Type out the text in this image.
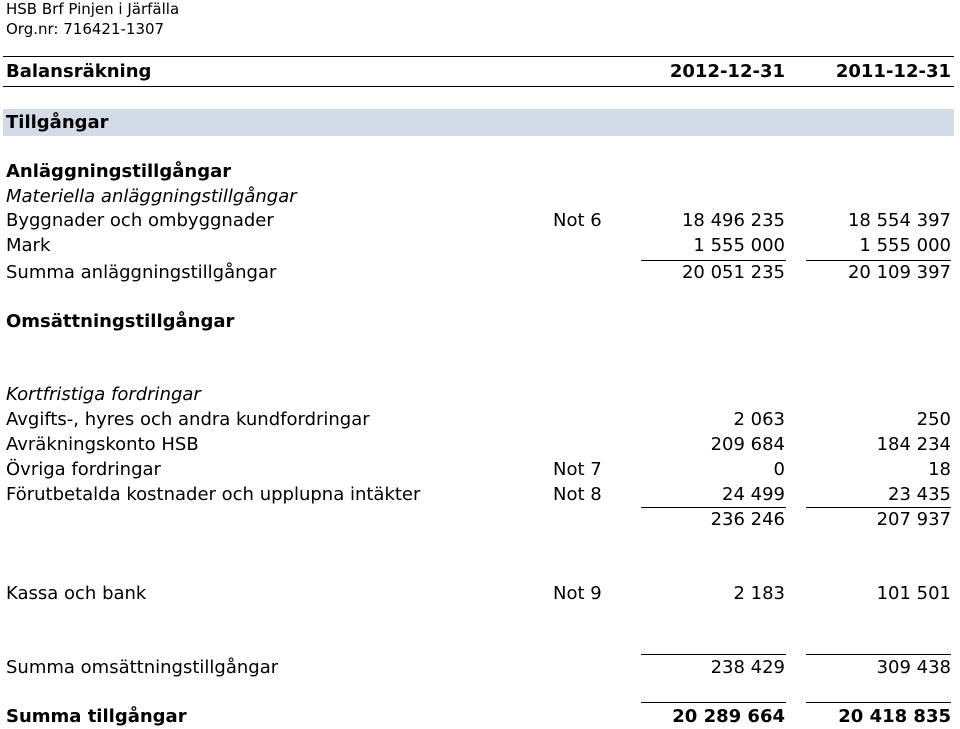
HSB Brf Pinjen i Järfälla
Org.nr: 716421-1307
Balansräkning	2012-12-31	2011-12-31
Tillgångar
Anläggningstillgångar
Materiella anläggningstillgångar
Byggnader och ombyggnader	Not 6	18 496 235	18 554 397
Mark	1 555 000	1 555 000
Summa anläggningstillgångar	20 051 235	20 109 397
Omsättningstillgångar
Kortfristiga fordringar
Avgifts-, hyres och andra kundfordringar	2 063	250
Avräkningskonto HSB	209 684	184 234
Övriga fordringar	Not 7	0	18
Förutbetalda kostnader och upplupna intäkter	Not 8	24 499	23 435
236 246	207 937
Kassa och bank	Not 9	2 183	101 501
Summa omsättningstillgångar	238 429	309 438
Summa tillgångar	20 289 664	20 418 835
